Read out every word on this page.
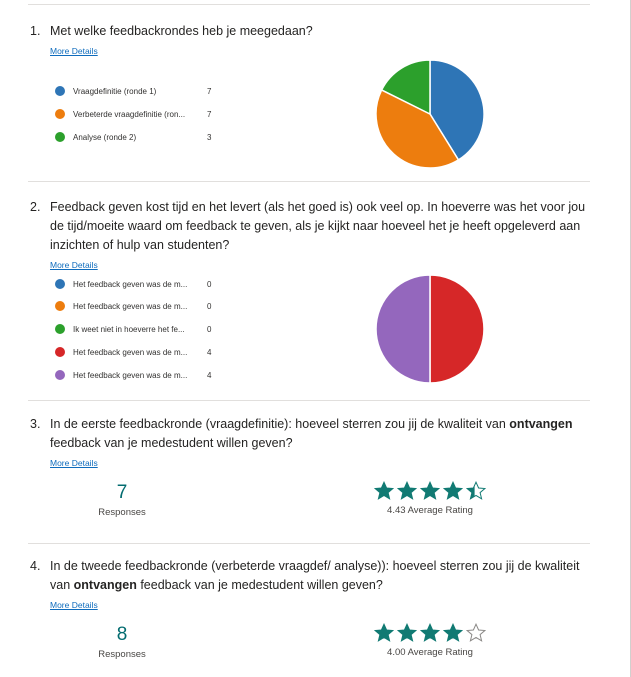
1. Met welke feedbackrondes heb je meegedaan?
More Details
Vraagdefinitie (ronde 1)	7
Verbeterde vraagdefinitie (ron...	7
Analyse (ronde 2)	3
2. Feedback geven kost tijd en het levert (als het goed is) ook veel op. In hoeverre was het voor jou de tijd/moeite waard om feedback te geven, als je kijkt naar hoeveel het je heeft opgeleverd aan inzichten of hulp van studenten?
More Details
Het feedback geven was de m...	0
Het feedback geven was de m...	0
Ik weet niet in hoeverre het fe...	0
Het feedback geven was de m...	4
Het feedback geven was de m...	4
3. In de eerste feedbackronde (vraagdefinitie): hoeveel sterren zou jij de kwaliteit van ontvangen feedback van je medestudent willen geven?
More Details
7
Responses	4.43 Average Rating
4. In de tweede feedbackronde (verbeterde vraagdef/ analyse)): hoeveel sterren zou jij de kwaliteit van ontvangen feedback van je medestudent willen geven?
More Details
8
Responses	4.00 Average Rating
